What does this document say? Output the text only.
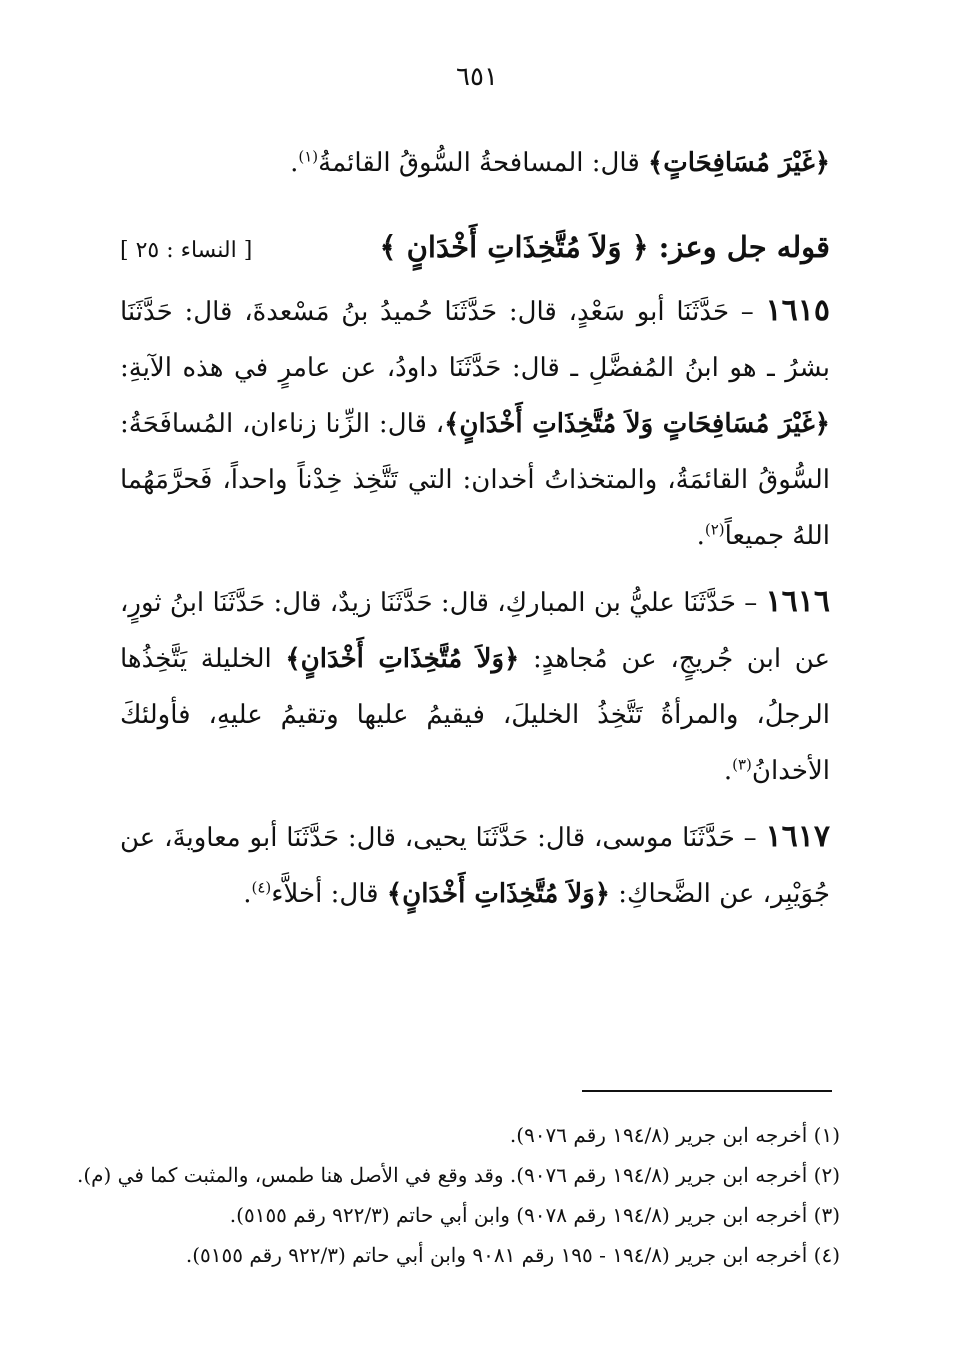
٦٥١
﴿غَيْرَ مُسَافِحَاتٍ﴾ قال: المسافحةُ السُّوقُ القائمةُ$^{(١)}$.
قوله جل وعز: ﴿ وَلاَ مُتَّخِذَاتِ أَخْدَانٍ ﴾
[ النساء : ٢٥ ]
١٦١٥ – حَدَّثَنَا أبو سَعْدٍ، قال: حَدَّثَنَا حُميدُ بنُ مَسْعدةَ، قال: حَدَّثَنَا بشرُ ـ هو ابنُ المُفضَّلِ ـ قال: حَدَّثَنَا داودُ، عن عامرٍ في هذه الآيةِ: ﴿غَيْرَ مُسَافِحَاتٍ وَلاَ مُتَّخِذَاتِ أَخْدَانٍ﴾، قال: الزِّنا زناءان، المُسافَحَةُ: السُّوقُ القائمَةُ، والمتخذاتُ أخدان: التي تَتَّخِذ خِدْناً واحداً، فَحرَّمَهُما اللهُ جميعاً$^{(٢)}$.
١٦١٦ – حَدَّثَنَا عليُّ بن المباركِ، قال: حَدَّثَنَا زيدٌ، قال: حَدَّثَنَا ابنُ ثورٍ، عن ابن جُريجٍ، عن مُجاهدٍ: ﴿وَلاَ مُتَّخِذَاتِ أَخْدَانٍ﴾ الخليلة يَتَّخِذُها الرجلُ، والمرأةُ تَتَّخِذُ الخليلَ، فيقيمُ عليها وتقيمُ عليهِ، فأولئكَ الأخدانُ$^{(٣)}$.
١٦١٧ – حَدَّثَنَا موسى، قال: حَدَّثَنَا يحيى، قال: حَدَّثَنَا أبو معاويةَ، عن جُوَيْبِر، عن الضَّحاكِ: ﴿وَلاَ مُتَّخِذَاتِ أَخْدَانٍ﴾ قال: أخلاَّء$^{(٤)}$.

(١) أخرجه ابن جرير (١٩٤/٨ رقم ٩٠٧٦).

(٢) أخرجه ابن جرير (١٩٤/٨ رقم ٩٠٧٦). وقد وقع في الأصل هنا طمس، والمثبت كما في (م).

(٣) أخرجه ابن جرير (١٩٤/٨ رقم ٩٠٧٨) وابن أبي حاتم (٩٢٢/٣ رقم ٥١٥٥).

(٤) أخرجه ابن جرير (١٩٤/٨ - ١٩٥ رقم ٩٠٨١ وابن أبي حاتم (٩٢٢/٣ رقم ٥١٥٥).
